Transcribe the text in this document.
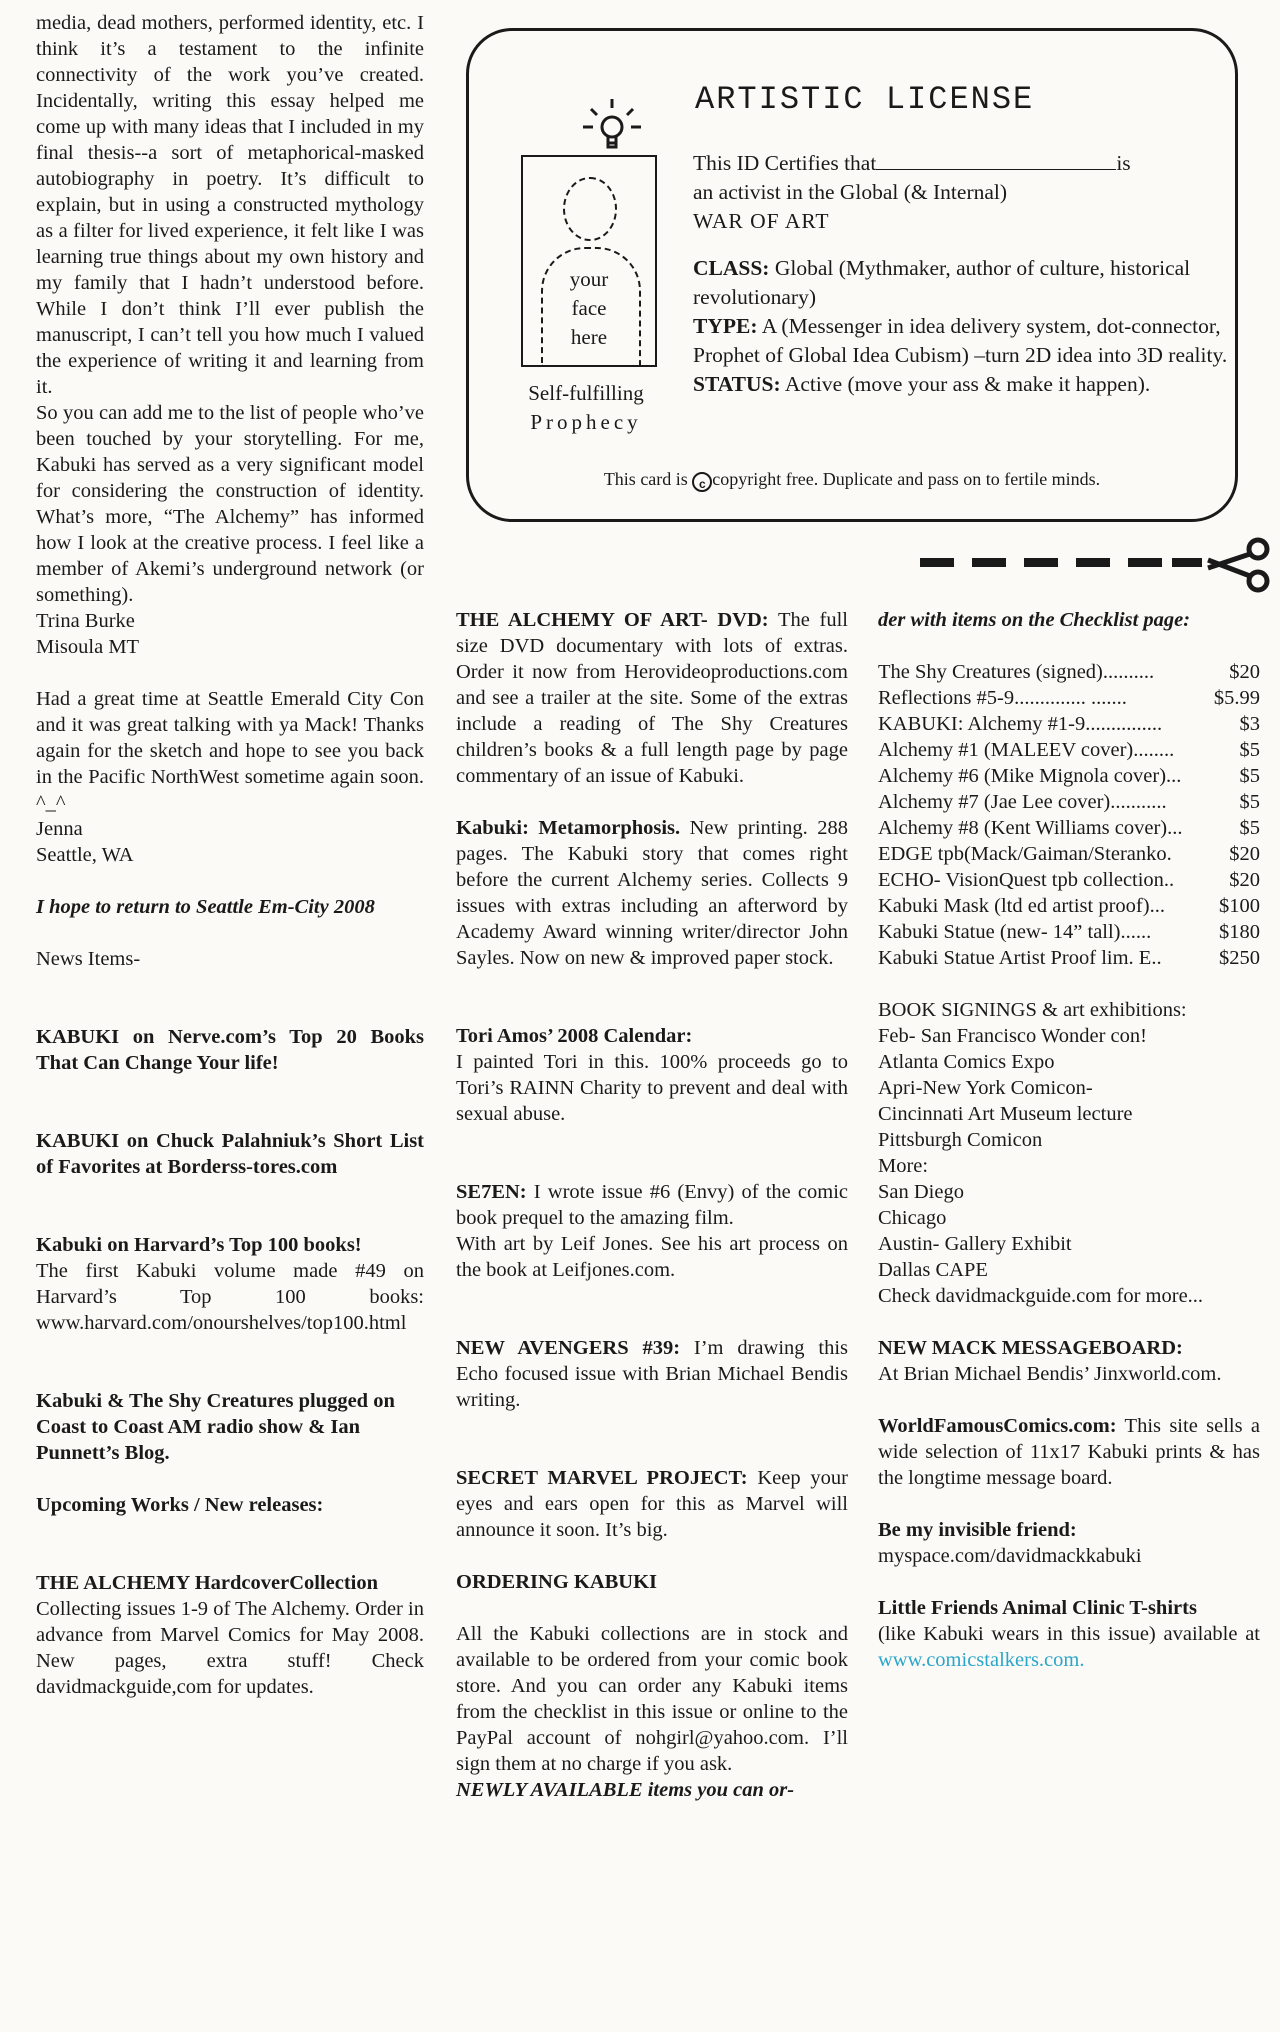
media, dead mothers, performed identity, etc. I think it’s a testament to the infinite connectivity of the work you’ve created. Incidentally, writing this essay helped me come up with many ideas that I included in my final thesis--a sort of metaphorical-masked autobiography in poetry. It’s difficult to explain, but in using a constructed mythology as a filter for lived experience, it felt like I was learning true things about my own history and my family that I hadn’t understood before. While I don’t think I’ll ever publish the manuscript, I can’t tell you how much I valued the experience of writing it and learning from it.

So you can add me to the list of people who’ve been touched by your storytelling. For me, Kabuki has served as a very significant model for considering the construction of identity. What’s more, “The Alchemy” has informed how I look at the creative process. I feel like a member of Akemi’s underground network (or something).

Trina Burke

Misoula MT

Had a great time at Seattle Emerald City Con and it was great talking with ya Mack! Thanks again for the sketch and hope to see you back in the Pacific NorthWest sometime again soon. ^_^

Jenna

Seattle, WA

I hope to return to Seattle Em-City 2008

News Items-

KABUKI on Nerve.com’s Top 20 Books That Can Change Your life!

KABUKI on Chuck Palahniuk’s Short List of Favorites at Borderss-tores.com

Kabuki on Harvard’s Top 100 books!

The first Kabuki volume made #49 on Harvard’s Top 100 books: www.harvard.com/onourshelves/top100.html

Kabuki & The Shy Creatures plugged on Coast to Coast AM radio show & Ian Punnett’s Blog.

Upcoming Works / New releases:

THE ALCHEMY HardcoverCollection

Collecting issues 1-9 of The Alchemy. Order in advance from Marvel Comics for May 2008. New pages, extra stuff! Check davidmackguide,com for updates.

ARTISTIC LICENSE
your
face
here
Self-fulfilling
Prophecy

This ID Certifies that	is

an activist in the Global (& Internal)

WAR OF ART

CLASS: Global (Mythmaker, author of culture, historical revolutionary)

TYPE: A (Messenger in idea delivery system, dot-connector, Prophet of Global Idea Cubism) –turn 2D idea into 3D reality.

STATUS: Active (move your ass & make it happen).

This card is c copyright free. Duplicate and pass on to fertile minds.

THE ALCHEMY OF ART- DVD: The full size DVD documentary with lots of extras. Order it now from Herovideoproductions.com and see a trailer at the site. Some of the extras include a reading of The Shy Creatures children’s books & a full length page by page commentary of an issue of Kabuki.

Kabuki: Metamorphosis. New printing. 288 pages. The Kabuki story that comes right before the current Alchemy series. Collects 9 issues with extras including an afterword by Academy Award winning writer/director John Sayles. Now on new & improved paper stock.

Tori Amos’ 2008 Calendar:

I painted Tori in this. 100% proceeds go to Tori’s RAINN Charity to prevent and deal with sexual abuse.

SE7EN: I wrote issue #6 (Envy) of the comic book prequel to the amazing film.

With art by Leif Jones. See his art process on the book at Leifjones.com.

NEW AVENGERS #39: I’m drawing this Echo focused issue with Brian Michael Bendis writing.

SECRET MARVEL PROJECT: Keep your eyes and ears open for this as Marvel will announce it soon. It’s big.

ORDERING KABUKI

All the Kabuki collections are in stock and available to be ordered from your comic book store. And you can order any Kabuki items from the checklist in this issue or online to the PayPal account of nohgirl@yahoo.com. I’ll sign them at no charge if you ask.

NEWLY AVAILABLE items you can or-

der with items on the Checklist page:

The Shy Creatures (signed)..........	$20
Reflections #5-9.............. .......	$5.99
KABUKI: Alchemy #1-9...............	$3
Alchemy #1 (MALEEV cover)........	$5
Alchemy #6 (Mike Mignola cover)...	$5
Alchemy #7 (Jae Lee cover)...........	$5
Alchemy #8 (Kent Williams cover)...	$5
EDGE tpb(Mack/Gaiman/Steranko.	$20
ECHO- VisionQuest tpb collection..	$20
Kabuki Mask (ltd ed artist proof)...	$100
Kabuki Statue (new- 14” tall)......	$180
Kabuki Statue Artist Proof lim. E..	$250

BOOK SIGNINGS & art exhibitions:

Feb- San Francisco Wonder con!

Atlanta Comics Expo

Apri-New York Comicon-

Cincinnati Art Museum lecture

Pittsburgh Comicon

More:

San Diego

Chicago

Austin- Gallery Exhibit

Dallas CAPE

Check davidmackguide.com for more...

NEW MACK MESSAGEBOARD:

At Brian Michael Bendis’ Jinxworld.com.

WorldFamousComics.com: This site sells a wide selection of 11x17 Kabuki prints & has the longtime message board.

Be my invisible friend:

myspace.com/davidmackkabuki

Little Friends Animal Clinic T-shirts

(like Kabuki wears in this issue) available at www.comicstalkers.com.
